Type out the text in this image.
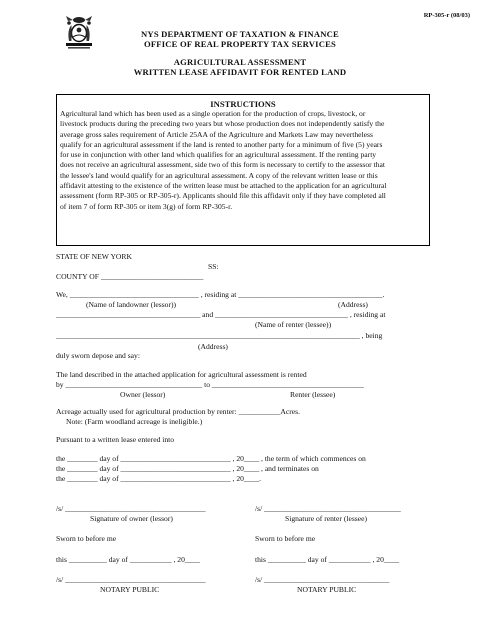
RP-305-r (08/03)
NYS DEPARTMENT OF TAXATION & FINANCE
OFFICE OF REAL PROPERTY TAX SERVICES
AGRICULTURAL ASSESSMENT
WRITTEN LEASE AFFIDAVIT FOR RENTED LAND
INSTRUCTIONS
Agricultural land which has been used as a single operation for the production of crops, livestock, or
livestock products during the preceding two years but whose production does not independently satisfy the
average gross sales requirement of Article 25AA of the Agriculture and Markets Law may nevertheless
qualify for an agricultural assessment if the land is rented to another party for a minimum of five (5) years
for use in conjunction with other land which qualifies for an agricultural assessment. If the renting party
does not receive an agricultural assessment, side two of this form is necessary to certify to the assessor that
the lessee's land would qualify for an agricultural assessment. A copy of the relevant written lease or this
affidavit attesting to the existence of the written lease must be attached to the application for an agricultural
assessment (form RP-305 or RP-305-r). Applicants should file this affidavit only if they have completed all
of item 7 of form RP-305 or item 3(g) of form RP-305-r.
STATE OF NEW YORK
SS:
COUNTY OF ___________________________
We, __________________________________ , residing at ______________________________________.
(Name of landowner (lessor))	(Address)
______________________________________ and ___________________________________ , residing at
(Name of renter (lessee))
________________________________________________________________________________ , being
(Address)
duly sworn depose and say:
The land described in the attached application for agricultural assessment is rented
by ____________________________________ to ________________________________________
Owner (lessor)	Renter (lessee)
Acreage actually used for agricultural production by renter: ___________Acres.
Note: (Farm woodland acreage is ineligible.)
Pursuant to a written lease entered into
the ________ day of _____________________________ , 20____ , the term of which commences on
the ________ day of _____________________________ , 20____ , and terminates on
the ________ day of _____________________________ , 20____.
/s/ _____________________________________
Signature of owner (lessor)
/s/ ____________________________________
Signature of renter (lessee)
Sworn to before me	Sworn to before me
this __________ day of ___________ , 20____	this __________ day of ___________ , 20____
/s/ _____________________________________
NOTARY PUBLIC
/s/ _________________________________
NOTARY PUBLIC
